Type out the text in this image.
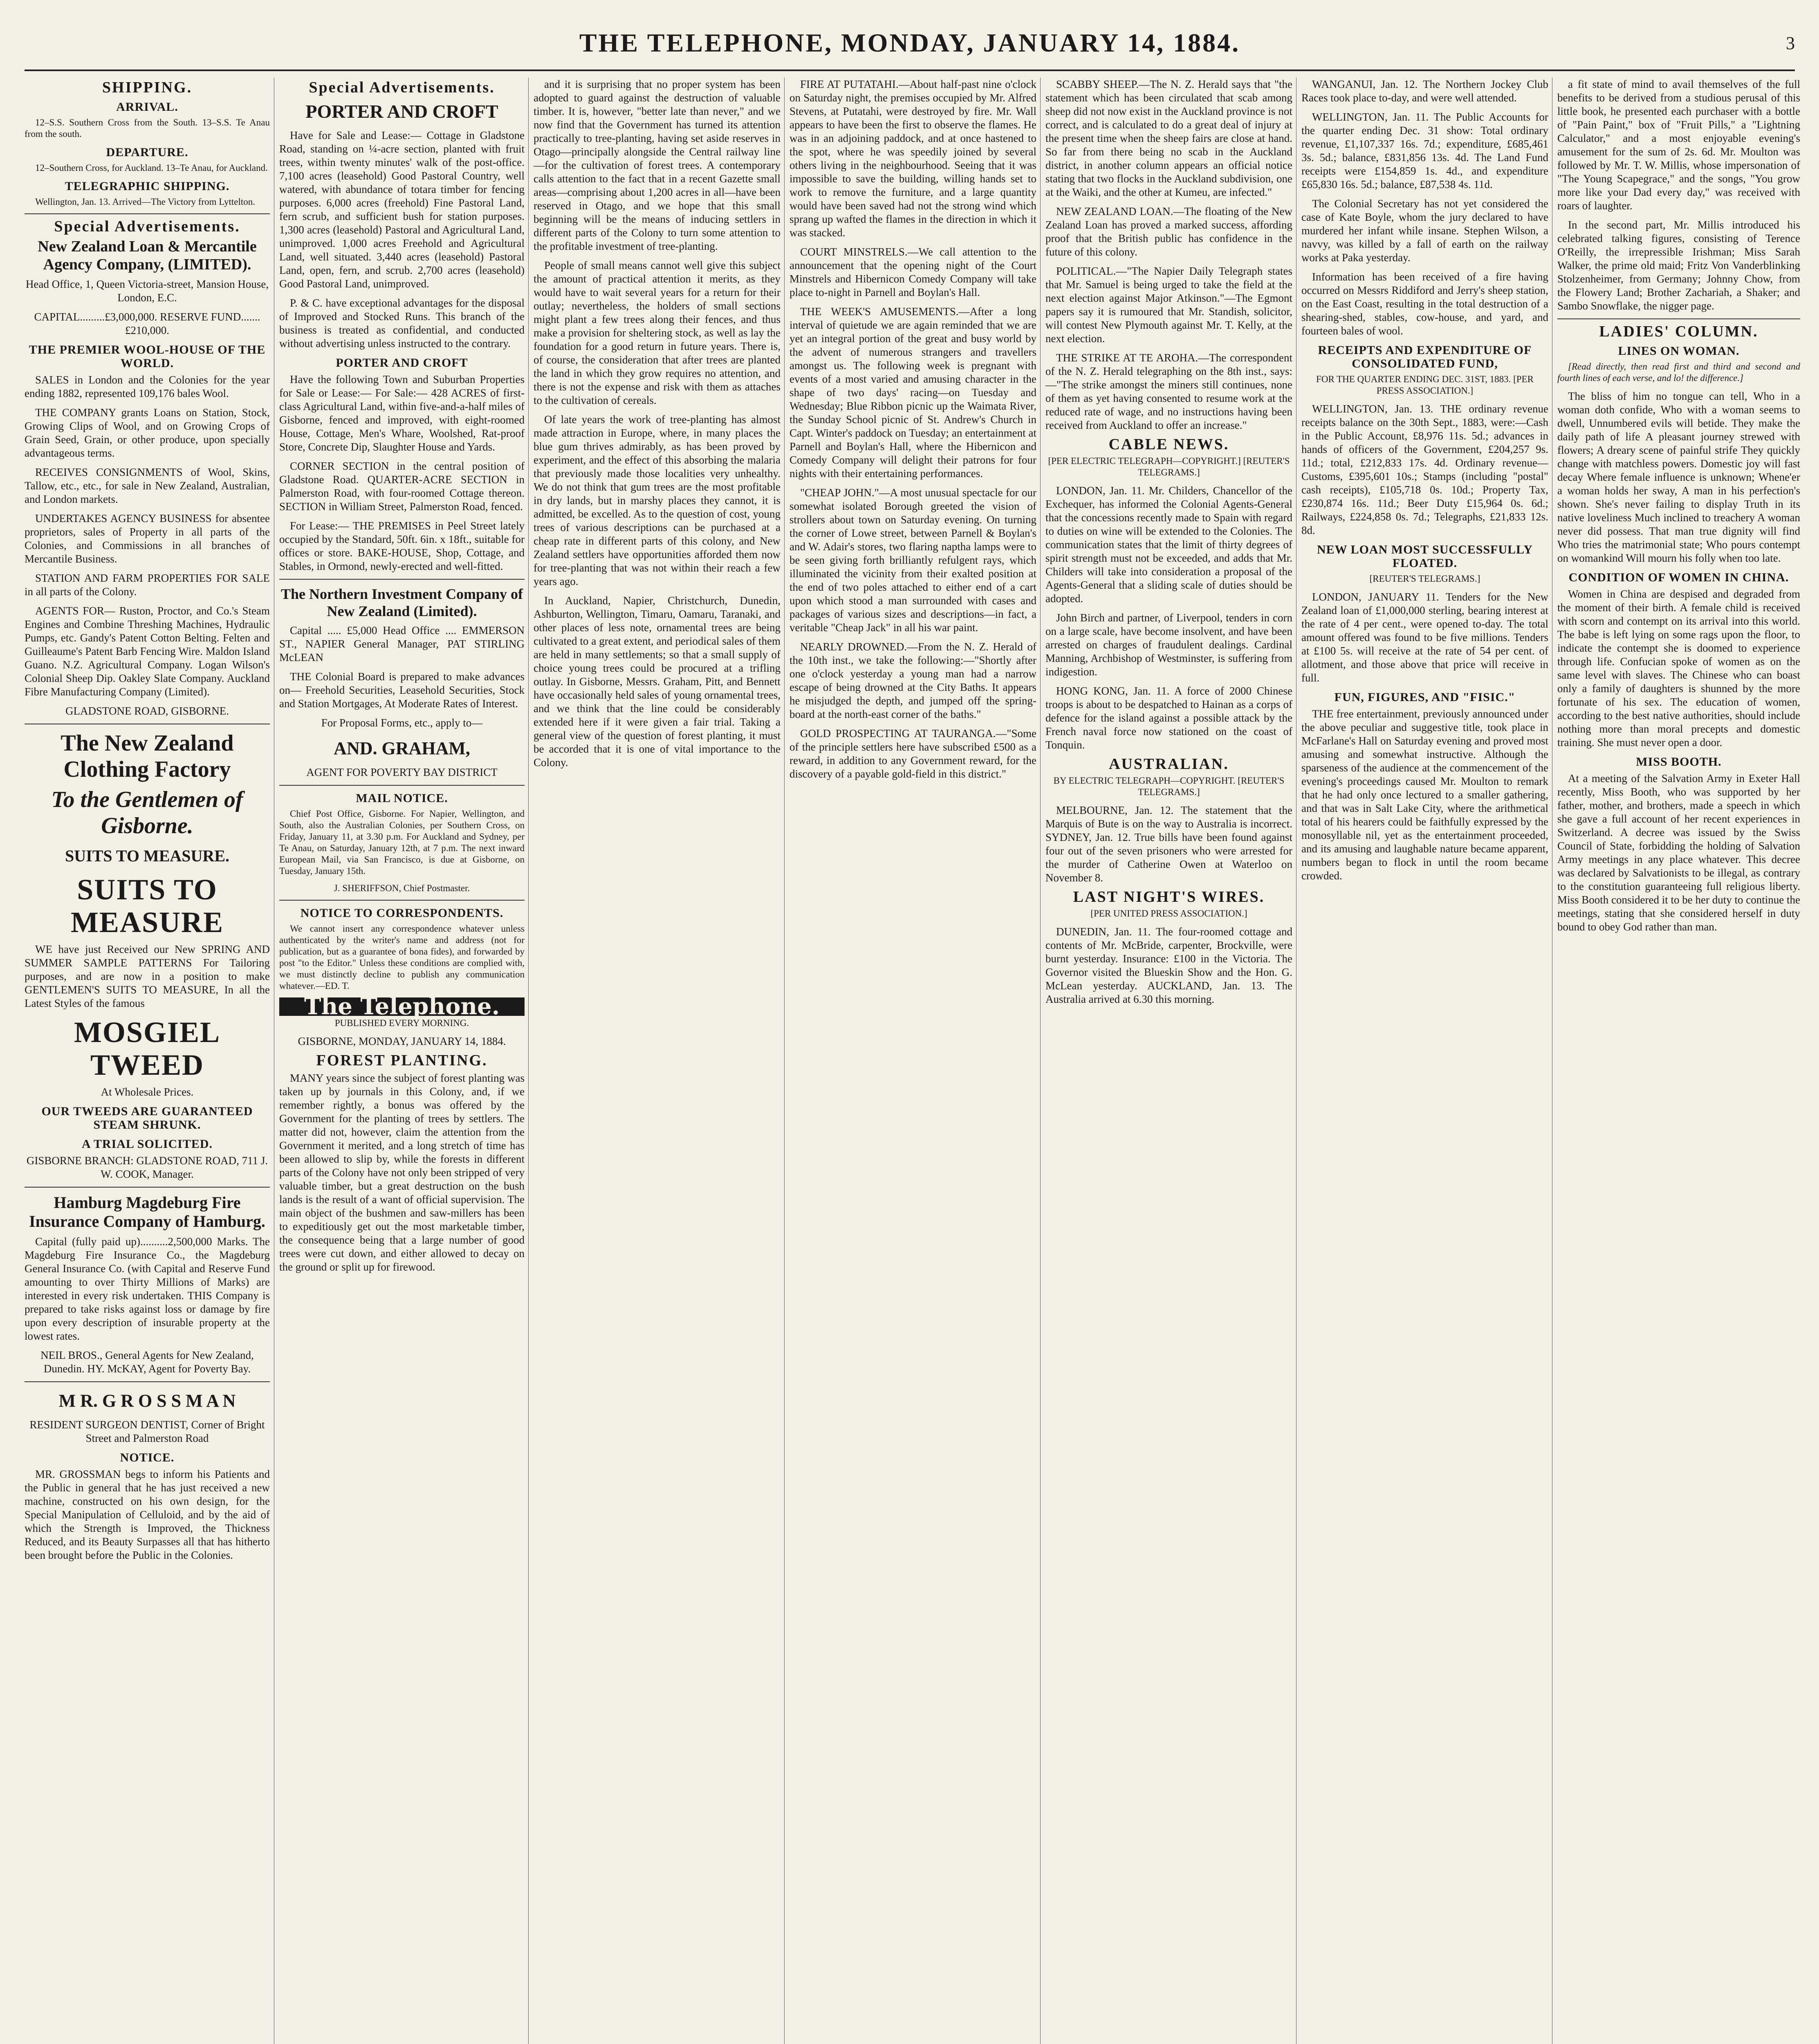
THE TELEPHONE, MONDAY, JANUARY 14, 1884.	3
SHIPPING.
ARRIVAL.

12–S.S. Southern Cross from the South. 13–S.S. Te Anau from the south.

DEPARTURE.

12–Southern Cross, for Auckland. 13–Te Anau, for Auckland.

TELEGRAPHIC SHIPPING.

Wellington, Jan. 13. Arrived—The Victory from Lyttelton.

Special Advertisements.
New Zealand Loan & Mercantile Agency Company, (LIMITED).

Head Office, 1, Queen Victoria-street, Mansion House, London, E.C.

CAPITAL.........£3,000,000. RESERVE FUND.......£210,000.

THE PREMIER WOOL-HOUSE OF THE WORLD.

SALES in London and the Colonies for the year ending 1882, represented 109,176 bales Wool.

THE COMPANY grants Loans on Station, Stock, Growing Clips of Wool, and on Growing Crops of Grain Seed, Grain, or other produce, upon specially advantageous terms.

RECEIVES CONSIGNMENTS of Wool, Skins, Tallow, etc., etc., for sale in New Zealand, Australian, and London markets.

UNDERTAKES AGENCY BUSINESS for absentee proprietors, sales of Property in all parts of the Colonies, and Commissions in all branches of Mercantile Business.

STATION AND FARM PROPERTIES FOR SALE in all parts of the Colony.

AGENTS FOR— Ruston, Proctor, and Co.'s Steam Engines and Combine Threshing Machines, Hydraulic Pumps, etc. Gandy's Patent Cotton Belting. Felten and Guilleaume's Patent Barb Fencing Wire. Maldon Island Guano. N.Z. Agricultural Company. Logan Wilson's Colonial Sheep Dip. Oakley Slate Company. Auckland Fibre Manufacturing Company (Limited).

GLADSTONE ROAD, GISBORNE.

The New Zealand Clothing Factory
To the Gentlemen of Gisborne.
SUITS TO MEASURE.
SUITS TO MEASURE

WE have just Received our New SPRING AND SUMMER SAMPLE PATTERNS For Tailoring purposes, and are now in a position to make GENTLEMEN'S SUITS TO MEASURE, In all the Latest Styles of the famous

MOSGIEL TWEED

At Wholesale Prices.

OUR TWEEDS ARE GUARANTEED STEAM SHRUNK.
A TRIAL SOLICITED.

GISBORNE BRANCH: GLADSTONE ROAD, 711 J. W. COOK, Manager.

Hamburg Magdeburg Fire Insurance Company of Hamburg.

Capital (fully paid up)..........2,500,000 Marks. The Magdeburg Fire Insurance Co., the Magdeburg General Insurance Co. (with Capital and Reserve Fund amounting to over Thirty Millions of Marks) are interested in every risk undertaken. THIS Company is prepared to take risks against loss or damage by fire upon every description of insurable property at the lowest rates.

NEIL BROS., General Agents for New Zealand, Dunedin. HY. McKAY, Agent for Poverty Bay.

M R. G R O S S M A N

RESIDENT SURGEON DENTIST, Corner of Bright Street and Palmerston Road

NOTICE.

MR. GROSSMAN begs to inform his Patients and the Public in general that he has just received a new machine, constructed on his own design, for the Special Manipulation of Celluloid, and by the aid of which the Strength is Improved, the Thickness Reduced, and its Beauty Surpasses all that has hitherto been brought before the Public in the Colonies.

Special Advertisements.
PORTER AND CROFT

Have for Sale and Lease:— Cottage in Gladstone Road, standing on ¼-acre section, planted with fruit trees, within twenty minutes' walk of the post-office. 7,100 acres (leasehold) Good Pastoral Country, well watered, with abundance of totara timber for fencing purposes. 6,000 acres (freehold) Fine Pastoral Land, fern scrub, and sufficient bush for station purposes. 1,300 acres (leasehold) Pastoral and Agricultural Land, unimproved. 1,000 acres Freehold and Agricultural Land, well situated. 3,440 acres (leasehold) Pastoral Land, open, fern, and scrub. 2,700 acres (leasehold) Good Pastoral Land, unimproved.

P. & C. have exceptional advantages for the disposal of Improved and Stocked Runs. This branch of the business is treated as confidential, and conducted without advertising unless instructed to the contrary.

PORTER AND CROFT

Have the following Town and Suburban Properties for Sale or Lease:— For Sale:— 428 ACRES of first-class Agricultural Land, within five-and-a-half miles of Gisborne, fenced and improved, with eight-roomed House, Cottage, Men's Whare, Woolshed, Rat-proof Store, Concrete Dip, Slaughter House and Yards.

CORNER SECTION in the central position of Gladstone Road. QUARTER-ACRE SECTION in Palmerston Road, with four-roomed Cottage thereon. SECTION in William Street, Palmerston Road, fenced.

For Lease:— THE PREMISES in Peel Street lately occupied by the Standard, 50ft. 6in. x 18ft., suitable for offices or store. BAKE-HOUSE, Shop, Cottage, and Stables, in Ormond, newly-erected and well-fitted.

The Northern Investment Company of New Zealand (Limited).

Capital ..... £5,000 Head Office .... EMMERSON ST., NAPIER General Manager, PAT STIRLING McLEAN

THE Colonial Board is prepared to make advances on— Freehold Securities, Leasehold Securities, Stock and Station Mortgages, At Moderate Rates of Interest.

For Proposal Forms, etc., apply to—

AND. GRAHAM,

AGENT FOR POVERTY BAY DISTRICT

MAIL NOTICE.

Chief Post Office, Gisborne. For Napier, Wellington, and South, also the Australian Colonies, per Southern Cross, on Friday, January 11, at 3.30 p.m. For Auckland and Sydney, per Te Anau, on Saturday, January 12th, at 7 p.m. The next inward European Mail, via San Francisco, is due at Gisborne, on Tuesday, January 15th.

J. SHERIFFSON, Chief Postmaster.

NOTICE TO CORRESPONDENTS.

We cannot insert any correspondence whatever unless authenticated by the writer's name and address (not for publication, but as a guarantee of bona fides), and forwarded by post "to the Editor." Unless these conditions are complied with, we must distinctly decline to publish any communication whatever.—ED. T.

The Telephone.

PUBLISHED EVERY MORNING.

GISBORNE, MONDAY, JANUARY 14, 1884.

FOREST PLANTING.

MANY years since the subject of forest planting was taken up by journals in this Colony, and, if we remember rightly, a bonus was offered by the Government for the planting of trees by settlers. The matter did not, however, claim the attention from the Government it merited, and a long stretch of time has been allowed to slip by, while the forests in different parts of the Colony have not only been stripped of very valuable timber, but a great destruction on the bush lands is the result of a want of official supervision. The main object of the bushmen and saw-millers has been to expeditiously get out the most marketable timber, the consequence being that a large number of good trees were cut down, and either allowed to decay on the ground or split up for firewood.

and it is surprising that no proper system has been adopted to guard against the destruction of valuable timber. It is, however, "better late than never," and we now find that the Government has turned its attention practically to tree-planting, having set aside reserves in Otago—principally alongside the Central railway line—for the cultivation of forest trees. A contemporary calls attention to the fact that in a recent Gazette small areas—comprising about 1,200 acres in all—have been reserved in Otago, and we hope that this small beginning will be the means of inducing settlers in different parts of the Colony to turn some attention to the profitable investment of tree-planting.

People of small means cannot well give this subject the amount of practical attention it merits, as they would have to wait several years for a return for their outlay; nevertheless, the holders of small sections might plant a few trees along their fences, and thus make a provision for sheltering stock, as well as lay the foundation for a good return in future years. There is, of course, the consideration that after trees are planted the land in which they grow requires no attention, and there is not the expense and risk with them as attaches to the cultivation of cereals.

Of late years the work of tree-planting has almost made attraction in Europe, where, in many places the blue gum thrives admirably, as has been proved by experiment, and the effect of this absorbing the malaria that previously made those localities very unhealthy. We do not think that gum trees are the most profitable in dry lands, but in marshy places they cannot, it is admitted, be excelled. As to the question of cost, young trees of various descriptions can be purchased at a cheap rate in different parts of this colony, and New Zealand settlers have opportunities afforded them now for tree-planting that was not within their reach a few years ago.

In Auckland, Napier, Christchurch, Dunedin, Ashburton, Wellington, Timaru, Oamaru, Taranaki, and other places of less note, ornamental trees are being cultivated to a great extent, and periodical sales of them are held in many settlements; so that a small supply of choice young trees could be procured at a trifling outlay. In Gisborne, Messrs. Graham, Pitt, and Bennett have occasionally held sales of young ornamental trees, and we think that the line could be considerably extended here if it were given a fair trial. Taking a general view of the question of forest planting, it must be accorded that it is one of vital importance to the Colony.

FIRE AT PUTATAHI.—About half-past nine o'clock on Saturday night, the premises occupied by Mr. Alfred Stevens, at Putatahi, were destroyed by fire. Mr. Wall appears to have been the first to observe the flames. He was in an adjoining paddock, and at once hastened to the spot, where he was speedily joined by several others living in the neighbourhood. Seeing that it was impossible to save the building, willing hands set to work to remove the furniture, and a large quantity would have been saved had not the strong wind which sprang up wafted the flames in the direction in which it was stacked.

COURT MINSTRELS.—We call attention to the announcement that the opening night of the Court Minstrels and Hibernicon Comedy Company will take place to-night in Parnell and Boylan's Hall.

THE WEEK'S AMUSEMENTS.—After a long interval of quietude we are again reminded that we are yet an integral portion of the great and busy world by the advent of numerous strangers and travellers amongst us. The following week is pregnant with events of a most varied and amusing character in the shape of two days' racing—on Tuesday and Wednesday; Blue Ribbon picnic up the Waimata River, the Sunday School picnic of St. Andrew's Church in Capt. Winter's paddock on Tuesday; an entertainment at Parnell and Boylan's Hall, where the Hibernicon and Comedy Company will delight their patrons for four nights with their entertaining performances.

"CHEAP JOHN."—A most unusual spectacle for our somewhat isolated Borough greeted the vision of strollers about town on Saturday evening. On turning the corner of Lowe street, between Parnell & Boylan's and W. Adair's stores, two flaring naptha lamps were to be seen giving forth brilliantly refulgent rays, which illuminated the vicinity from their exalted position at the end of two poles attached to either end of a cart upon which stood a man surrounded with cases and packages of various sizes and descriptions—in fact, a veritable "Cheap Jack" in all his war paint.

NEARLY DROWNED.—From the N. Z. Herald of the 10th inst., we take the following:—"Shortly after one o'clock yesterday a young man had a narrow escape of being drowned at the City Baths. It appears he misjudged the depth, and jumped off the spring-board at the north-east corner of the baths."

GOLD PROSPECTING AT TAURANGA.—"Some of the principle settlers here have subscribed £500 as a reward, in addition to any Government reward, for the discovery of a payable gold-field in this district."

SCABBY SHEEP.—The N. Z. Herald says that "the statement which has been circulated that scab among sheep did not now exist in the Auckland province is not correct, and is calculated to do a great deal of injury at the present time when the sheep fairs are close at hand. So far from there being no scab in the Auckland district, in another column appears an official notice stating that two flocks in the Auckland subdivision, one at the Waiki, and the other at Kumeu, are infected."

NEW ZEALAND LOAN.—The floating of the New Zealand Loan has proved a marked success, affording proof that the British public has confidence in the future of this colony.

POLITICAL.—"The Napier Daily Telegraph states that Mr. Samuel is being urged to take the field at the next election against Major Atkinson."—The Egmont papers say it is rumoured that Mr. Standish, solicitor, will contest New Plymouth against Mr. T. Kelly, at the next election.

THE STRIKE AT TE AROHA.—The correspondent of the N. Z. Herald telegraphing on the 8th inst., says:—"The strike amongst the miners still continues, none of them as yet having consented to resume work at the reduced rate of wage, and no instructions having been received from Auckland to offer an increase."

CABLE NEWS.

[PER ELECTRIC TELEGRAPH—COPYRIGHT.] [REUTER'S TELEGRAMS.]

LONDON, Jan. 11. Mr. Childers, Chancellor of the Exchequer, has informed the Colonial Agents-General that the concessions recently made to Spain with regard to duties on wine will be extended to the Colonies. The communication states that the limit of thirty degrees of spirit strength must not be exceeded, and adds that Mr. Childers will take into consideration a proposal of the Agents-General that a sliding scale of duties should be adopted.

John Birch and partner, of Liverpool, tenders in corn on a large scale, have become insolvent, and have been arrested on charges of fraudulent dealings. Cardinal Manning, Archbishop of Westminster, is suffering from indigestion.

HONG KONG, Jan. 11. A force of 2000 Chinese troops is about to be despatched to Hainan as a corps of defence for the island against a possible attack by the French naval force now stationed on the coast of Tonquin.

AUSTRALIAN.

BY ELECTRIC TELEGRAPH—COPYRIGHT. [REUTER'S TELEGRAMS.]

MELBOURNE, Jan. 12. The statement that the Marquis of Bute is on the way to Australia is incorrect. SYDNEY, Jan. 12. True bills have been found against four out of the seven prisoners who were arrested for the murder of Catherine Owen at Waterloo on November 8.

LAST NIGHT'S WIRES.

[PER UNITED PRESS ASSOCIATION.]

DUNEDIN, Jan. 11. The four-roomed cottage and contents of Mr. McBride, carpenter, Brockville, were burnt yesterday. Insurance: £100 in the Victoria. The Governor visited the Blueskin Show and the Hon. G. McLean yesterday. AUCKLAND, Jan. 13. The Australia arrived at 6.30 this morning.

WANGANUI, Jan. 12. The Northern Jockey Club Races took place to-day, and were well attended.

WELLINGTON, Jan. 11. The Public Accounts for the quarter ending Dec. 31 show: Total ordinary revenue, £1,107,337 16s. 7d.; expenditure, £685,461 3s. 5d.; balance, £831,856 13s. 4d. The Land Fund receipts were £154,859 1s. 4d., and expenditure £65,830 16s. 5d.; balance, £87,538 4s. 11d.

The Colonial Secretary has not yet considered the case of Kate Boyle, whom the jury declared to have murdered her infant while insane. Stephen Wilson, a navvy, was killed by a fall of earth on the railway works at Paka yesterday.

Information has been received of a fire having occurred on Messrs Riddiford and Jerry's sheep station, on the East Coast, resulting in the total destruction of a shearing-shed, stables, cow-house, and yard, and fourteen bales of wool.

RECEIPTS AND EXPENDITURE OF CONSOLIDATED FUND,

FOR THE QUARTER ENDING DEC. 31ST, 1883. [PER PRESS ASSOCIATION.]

WELLINGTON, Jan. 13. THE ordinary revenue receipts balance on the 30th Sept., 1883, were:—Cash in the Public Account, £8,976 11s. 5d.; advances in hands of officers of the Government, £204,257 9s. 11d.; total, £212,833 17s. 4d. Ordinary revenue—Customs, £395,601 10s.; Stamps (including "postal" cash receipts), £105,718 0s. 10d.; Property Tax, £230,874 16s. 11d.; Beer Duty £15,964 0s. 6d.; Railways, £224,858 0s. 7d.; Telegraphs, £21,833 12s. 8d.

NEW LOAN MOST SUCCESSFULLY FLOATED.

[REUTER'S TELEGRAMS.]

LONDON, JANUARY 11. Tenders for the New Zealand loan of £1,000,000 sterling, bearing interest at the rate of 4 per cent., were opened to-day. The total amount offered was found to be five millions. Tenders at £100 5s. will receive at the rate of 54 per cent. of allotment, and those above that price will receive in full.

FUN, FIGURES, AND "FISIC."

THE free entertainment, previously announced under the above peculiar and suggestive title, took place in McFarlane's Hall on Saturday evening and proved most amusing and somewhat instructive. Although the sparseness of the audience at the commencement of the evening's proceedings caused Mr. Moulton to remark that he had only once lectured to a smaller gathering, and that was in Salt Lake City, where the arithmetical total of his hearers could be faithfully expressed by the monosyllable nil, yet as the entertainment proceeded, and its amusing and laughable nature became apparent, numbers began to flock in until the room became crowded.

a fit state of mind to avail themselves of the full benefits to be derived from a studious perusal of this little book, he presented each purchaser with a bottle of "Pain Paint," box of "Fruit Pills," a "Lightning Calculator," and a most enjoyable evening's amusement for the sum of 2s. 6d. Mr. Moulton was followed by Mr. T. W. Millis, whose impersonation of "The Young Scapegrace," and the songs, "You grow more like your Dad every day," was received with roars of laughter.

In the second part, Mr. Millis introduced his celebrated talking figures, consisting of Terence O'Reilly, the irrepressible Irishman; Miss Sarah Walker, the prime old maid; Fritz Von Vanderblinking Stolzenheimer, from Germany; Johnny Chow, from the Flowery Land; Brother Zachariah, a Shaker; and Sambo Snowflake, the nigger page.

LADIES' COLUMN.
LINES ON WOMAN.

[Read directly, then read first and third and second and fourth lines of each verse, and lo! the difference.]

The bliss of him no tongue can tell, Who in a woman doth confide, Who with a woman seems to dwell, Unnumbered evils will betide. They make the daily path of life A pleasant journey strewed with flowers; A dreary scene of painful strife They quickly change with matchless powers. Domestic joy will fast decay Where female influence is unknown; Whene'er a woman holds her sway, A man in his perfection's shown. She's never failing to display Truth in its native loveliness Much inclined to treachery A woman never did possess. That man true dignity will find Who tries the matrimonial state; Who pours contempt on womankind Will mourn his folly when too late.

CONDITION OF WOMEN IN CHINA.

Women in China are despised and degraded from the moment of their birth. A female child is received with scorn and contempt on its arrival into this world. The babe is left lying on some rags upon the floor, to indicate the contempt she is doomed to experience through life. Confucian spoke of women as on the same level with slaves. The Chinese who can boast only a family of daughters is shunned by the more fortunate of his sex. The education of women, according to the best native authorities, should include nothing more than moral precepts and domestic training. She must never open a door.

MISS BOOTH.

At a meeting of the Salvation Army in Exeter Hall recently, Miss Booth, who was supported by her father, mother, and brothers, made a speech in which she gave a full account of her recent experiences in Switzerland. A decree was issued by the Swiss Council of State, forbidding the holding of Salvation Army meetings in any place whatever. This decree was declared by Salvationists to be illegal, as contrary to the constitution guaranteeing full religious liberty. Miss Booth considered it to be her duty to continue the meetings, stating that she considered herself in duty bound to obey God rather than man.
